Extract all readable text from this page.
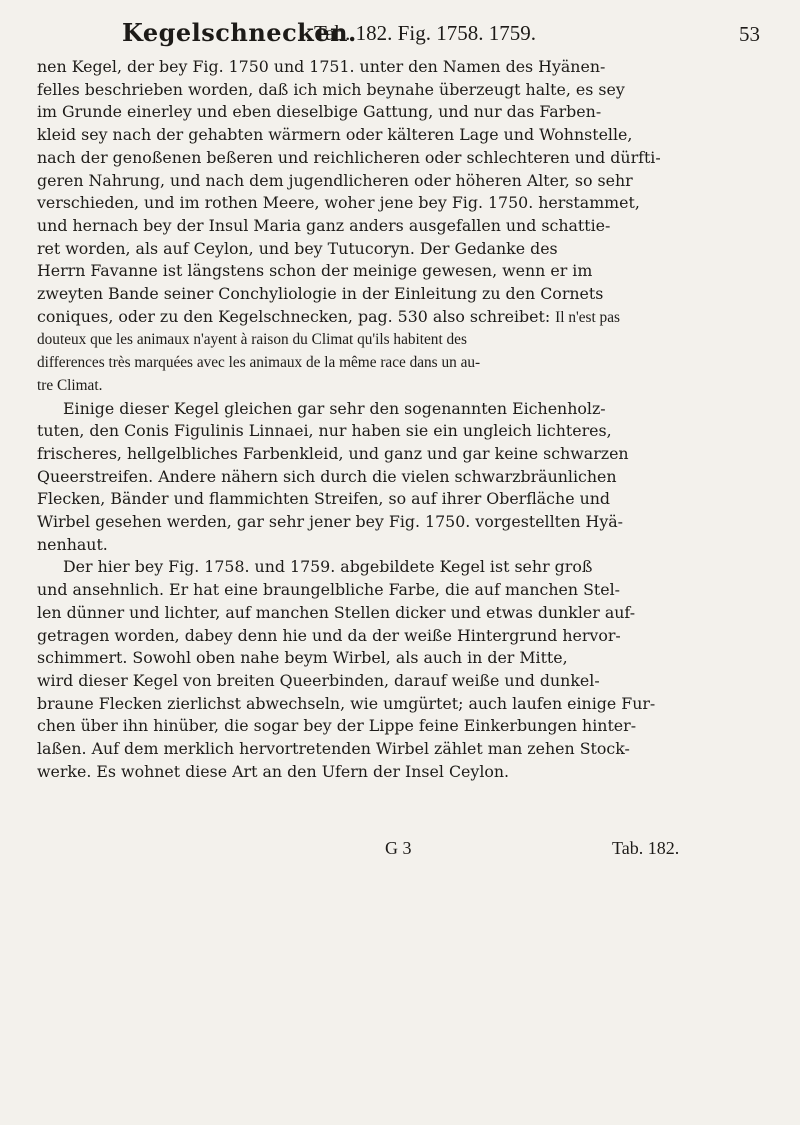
Kegelschnecken.
Tab. 182. Fig. 1758. 1759.	53

nen Kegel, der bey Fig. 1750 und 1751. unter den Namen des Hyänen-
felles beschrieben worden, daß ich mich beynahe überzeugt halte, es sey
im Grunde einerley und eben dieselbige Gattung, und nur das Farben-
kleid sey nach der gehabten wärmern oder kälteren Lage und Wohnstelle,
nach der genoßenen beßeren und reichlicheren oder schlechteren und dürfti-
geren Nahrung, und nach dem jugendlicheren oder höheren Alter, so sehr
verschieden, und im rothen Meere, woher jene bey Fig. 1750. herstammet,
und hernach bey der Insul Maria ganz anders ausgefallen und schattie-
ret worden, als auf Ceylon, und bey Tutucoryn. Der Gedanke des
Herrn Favanne ist längstens schon der meinige gewesen, wenn er im
zweyten Bande seiner Conchyliologie in der Einleitung zu den Cornets
coniques, oder zu den Kegelschnecken, pag. 530 also schreibet: Il n'est pas
douteux que les animaux n'ayent à raison du Climat qu'ils habitent des
differences très marquées avec les animaux de la même race dans un au-
tre Climat.

Einige dieser Kegel gleichen gar sehr den sogenannten Eichenholz-
tuten, den Conis Figulinis Linnaei, nur haben sie ein ungleich lichteres,
frischeres, hellgelbliches Farbenkleid, und ganz und gar keine schwarzen
Queerstreifen. Andere nähern sich durch die vielen schwarzbräunlichen
Flecken, Bänder und flammichten Streifen, so auf ihrer Oberfläche und
Wirbel gesehen werden, gar sehr jener bey Fig. 1750. vorgestellten Hyä-
nenhaut.

Der hier bey Fig. 1758. und 1759. abgebildete Kegel ist sehr groß
und ansehnlich. Er hat eine braungelbliche Farbe, die auf manchen Stel-
len dünner und lichter, auf manchen Stellen dicker und etwas dunkler auf-
getragen worden, dabey denn hie und da der weiße Hintergrund hervor-
schimmert. Sowohl oben nahe beym Wirbel, als auch in der Mitte,
wird dieser Kegel von breiten Queerbinden, darauf weiße und dunkel-
braune Flecken zierlichst abwechseln, wie umgürtet; auch laufen einige Fur-
chen über ihn hinüber, die sogar bey der Lippe feine Einkerbungen hinter-
laßen. Auf dem merklich hervortretenden Wirbel zählet man zehen Stock-
werke. Es wohnet diese Art an den Ufern der Insel Ceylon.

G 3	Tab. 182.
